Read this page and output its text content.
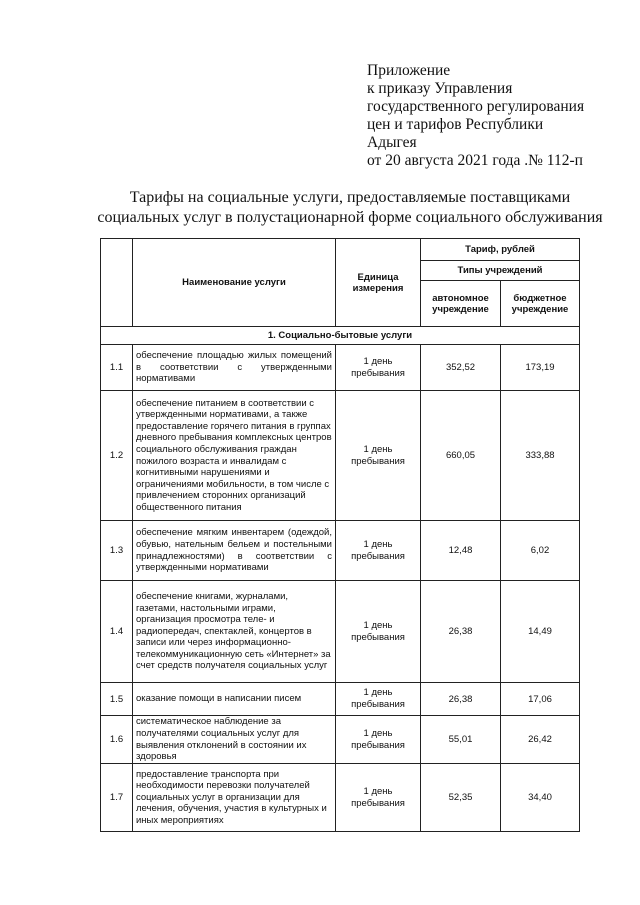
Приложение
к приказу Управления
государственного регулирования
цен и тарифов Республики
Адыгея
от 20 августа 2021 года .№ 112-п
Тарифы на социальные услуги, предоставляемые поставщиками
социальных услуг в полустационарной форме социального обслуживания
	Наименование услуги	Единица измерения	Тариф, рублей	
			Типы учреждений	
			автономное учреждение	бюджетное учреждение
1. Социально-бытовые услуги				
1.1	обеспечение площадью жилых помещений в соответствии с утвержденными нормативами	1 день пребывания	352,52	173,19
1.2	обеспечение питанием в соответствии с утвержденными нормативами, а также предоставление горячего питания в группах дневного пребывания комплексных центров социального обслуживания граждан пожилого возраста и инвалидам с когнитивными нарушениями и ограничениями мобильности, в том числе с привлечением сторонних организаций общественного питания	1 день пребывания	660,05	333,88
1.3	обеспечение мягким инвентарем (одеждой, обувью, нательным бельем и постельными принадлежностями) в соответствии с утвержденными нормативами	1 день пребывания	12,48	6,02
1.4	обеспечение книгами, журналами, газетами, настольными играми, организация просмотра теле- и радиопередач, спектаклей, концертов в записи или через информационно-телекоммуникационную сеть «Интернет» за счет средств получателя социальных услуг	1 день пребывания	26,38	14,49
1.5	оказание помощи в написании писем	1 день пребывания	26,38	17,06
1.6	систематическое наблюдение за получателями социальных услуг для выявления отклонений в состоянии их здоровья	1 день пребывания	55,01	26,42
1.7	предоставление транспорта при необходимости перевозки получателей социальных услуг в организации для лечения, обучения, участия в культурных и иных мероприятиях	1 день пребывания	52,35	34,40
